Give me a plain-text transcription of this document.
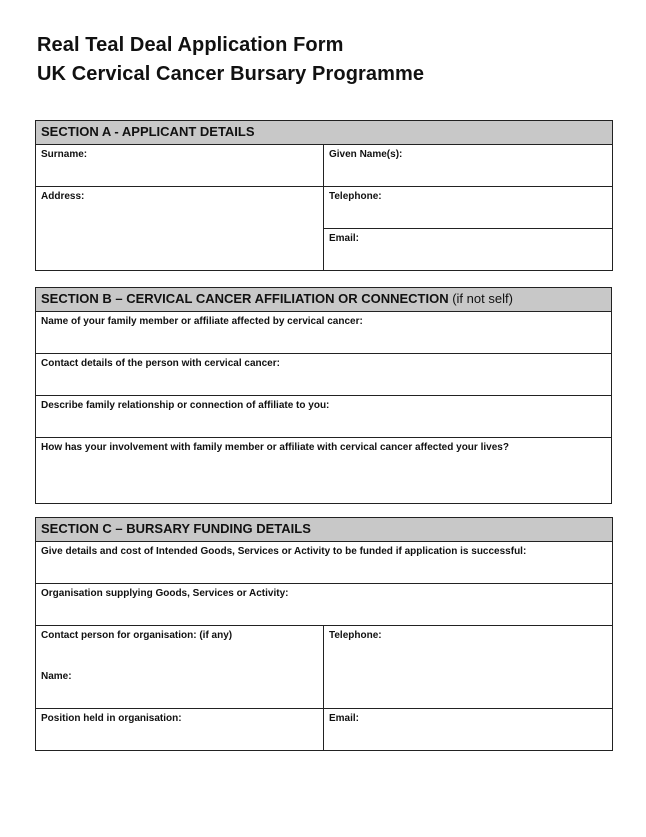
Real Teal Deal Application Form
UK Cervical Cancer Bursary Programme
SECTION A - APPLICANT DETAILS	

Surname:	Given Name(s):

Address:	Telephone:

	Email:
SECTION B – CERVICAL CANCER AFFILIATION OR CONNECTION (if not self)

Name of your family member or affiliate affected by cervical cancer:

Contact details of the person with cervical cancer:

Describe family relationship or connection of affiliate to you:

How has your involvement with family member or affiliate with cervical cancer affected your lives?
SECTION C – BURSARY FUNDING DETAILS	

Give details and cost of Intended Goods, Services or Activity to be funded if application is successful:	

Organisation supplying Goods, Services or Activity:	

Contact person for organisation: (if any)
Name:	Telephone:

Position held in organisation:	Email:
